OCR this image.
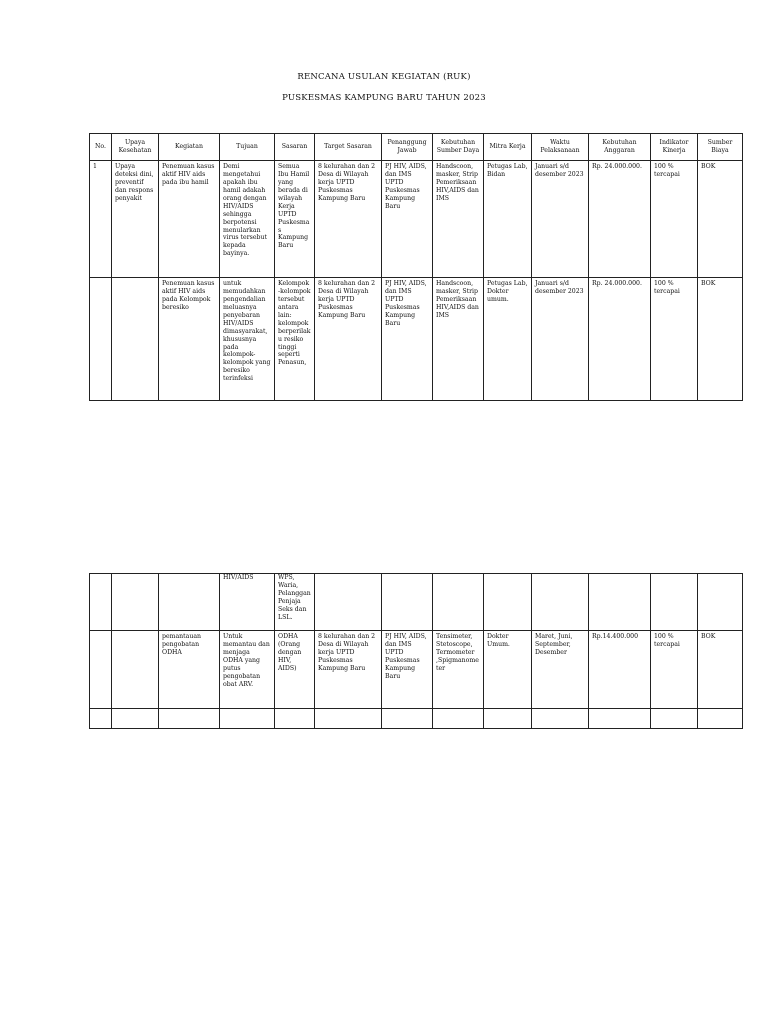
RENCANA USULAN KEGIATAN (RUK)
PUSKESMAS KAMPUNG BARU TAHUN 2023
No.	Upaya Kesehatan	Kegiatan	Tujuan	Sasaran	Target Sasaran	Penanggung Jawab	Kebutuhan Sumber Daya	Mitra Kerja	Waktu Pelaksanaan	Kebutuhan Anggaran	Indikator Kinerja	Sumber Biaya
1	Upaya deteksi dini, preventif dan respons penyakit	Penemuan kasus aktif HIV aids pada ibu hamil	Demi mengetahui apakah ibu hamil adakah orang dengan HIV/AIDS sehingga berpotensi menularkan virus tersebut kepada bayinya.	Semua Ibu Hamil yang berada di wilayah Kerja UPTD Puskesmas Kampung Baru	8 kelurahan dan 2 Desa di Wilayah kerja UPTD Puskesmas Kampung Baru	PJ HIV, AIDS, dan IMS UPTD Puskesmas Kampung Baru	Handscoon, masker, Strip Pemeriksaan HIV,AIDS dan IMS	Petugas Lab, Bidan	Januari s/d desember 2023	Rp. 24.000.000.	100 % tercapai	BOK
		Penemuan kasus aktif HIV aids pada Kelompok beresiko	untuk memudahkan pengendalian meluasnya penyebaran HIV/AIDS dimasyarakat, khususnya pada kelompok-kelompok yang beresiko terinfeksi	Kelompok-kelompok tersebut antara lain: kelompok berperilaku resiko tinggi seperti Penasun,	8 kelurahan dan 2 Desa di Wilayah kerja UPTD Puskesmas Kampung Baru	PJ HIV, AIDS, dan IMS UPTD Puskesmas Kampung Baru	Handscoon, masker, Strip Pemeriksaan HIV,AIDS dan IMS	Petugas Lab, Dokter umum.	Januari s/d desember 2023	Rp. 24.000.000.	100 % tercapai	BOK
			HIV/AIDS	WPS, Waria, Pelanggan Penjaja Seks dan LSL.								
		pemantauan pengobatan ODHA	Untuk memantau dan menjaga ODHA yang putus pengobatan obat ARV.	ODHA (Orang dengan HIV, AIDS)	8 kelurahan dan 2 Desa di Wilayah kerja UPTD Puskesmas Kampung Baru	PJ HIV, AIDS, dan IMS UPTD Puskesmas Kampung Baru	Tensimeter, Stetoscope, Termometer ,Spigmanometer	Dokter Umum.	Maret, Juni, September, Desember	Rp.14.400.000	100 % tercapai	BOK
